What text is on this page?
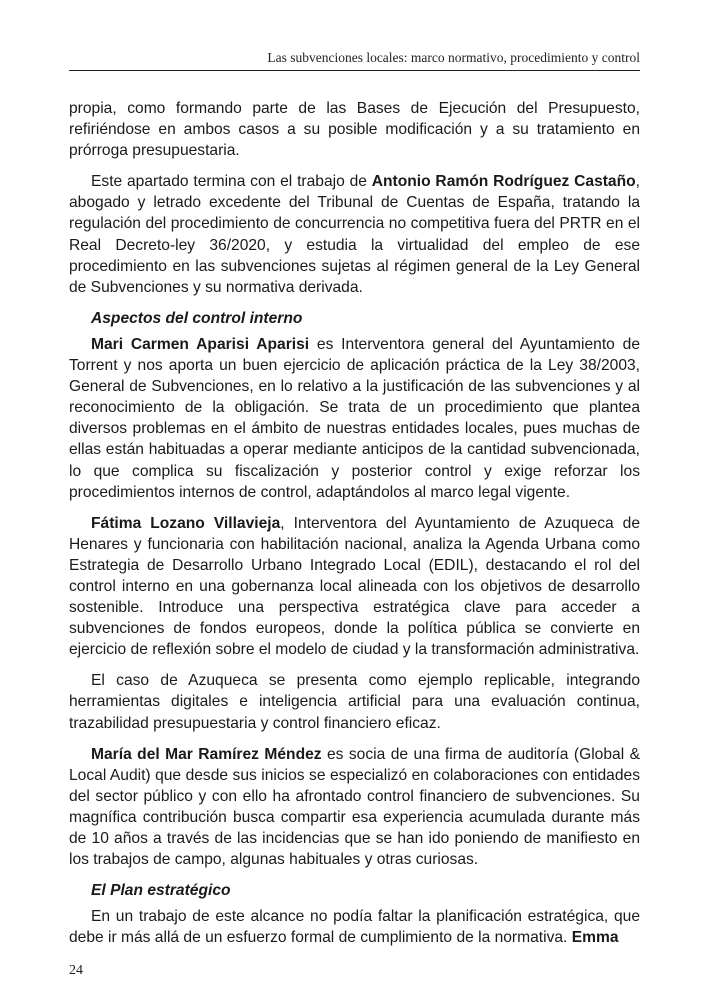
Las subvenciones locales: marco normativo, procedimiento y control

propia, como formando parte de las Bases de Ejecución del Presupuesto, refiriéndose en ambos casos a su posible modificación y a su tratamiento en prórroga presupuestaria.

Este apartado termina con el trabajo de Antonio Ramón Rodríguez Castaño, abogado y letrado excedente del Tribunal de Cuentas de España, tratando la regulación del procedimiento de concurrencia no competitiva fuera del PRTR en el Real Decreto-ley 36/2020, y estudia la virtualidad del empleo de ese procedimiento en las subvenciones sujetas al régimen general de la Ley General de Subvenciones y su normativa derivada.

Aspectos del control interno

Mari Carmen Aparisi Aparisi es Interventora general del Ayuntamiento de Torrent y nos aporta un buen ejercicio de aplicación práctica de la Ley 38/2003, General de Subvenciones, en lo relativo a la justificación de las subvenciones y al reconocimiento de la obligación. Se trata de un procedimiento que plantea diversos problemas en el ámbito de nuestras entidades locales, pues muchas de ellas están habituadas a operar mediante anticipos de la cantidad subvencionada, lo que complica su fiscalización y posterior control y exige reforzar los procedimientos internos de control, adaptándolos al marco legal vigente.

Fátima Lozano Villavieja, Interventora del Ayuntamiento de Azuqueca de Henares y funcionaria con habilitación nacional, analiza la Agenda Urbana como Estrategia de Desarrollo Urbano Integrado Local (EDIL), destacando el rol del control interno en una gobernanza local alineada con los objetivos de desarrollo sostenible. Introduce una perspectiva estratégica clave para acceder a subvenciones de fondos europeos, donde la política pública se convierte en ejercicio de reflexión sobre el modelo de ciudad y la transformación administrativa.

El caso de Azuqueca se presenta como ejemplo replicable, integrando herramientas digitales e inteligencia artificial para una evaluación continua, trazabilidad presupuestaria y control financiero eficaz.

María del Mar Ramírez Méndez es socia de una firma de auditoría (Global & Local Audit) que desde sus inicios se especializó en colaboraciones con entidades del sector público y con ello ha afrontado control financiero de subvenciones. Su magnífica contribución busca compartir esa experiencia acumulada durante más de 10 años a través de las incidencias que se han ido poniendo de manifiesto en los trabajos de campo, algunas habituales y otras curiosas.

El Plan estratégico

En un trabajo de este alcance no podía faltar la planificación estratégica, que debe ir más allá de un esfuerzo formal de cumplimiento de la normativa. Emma

24
